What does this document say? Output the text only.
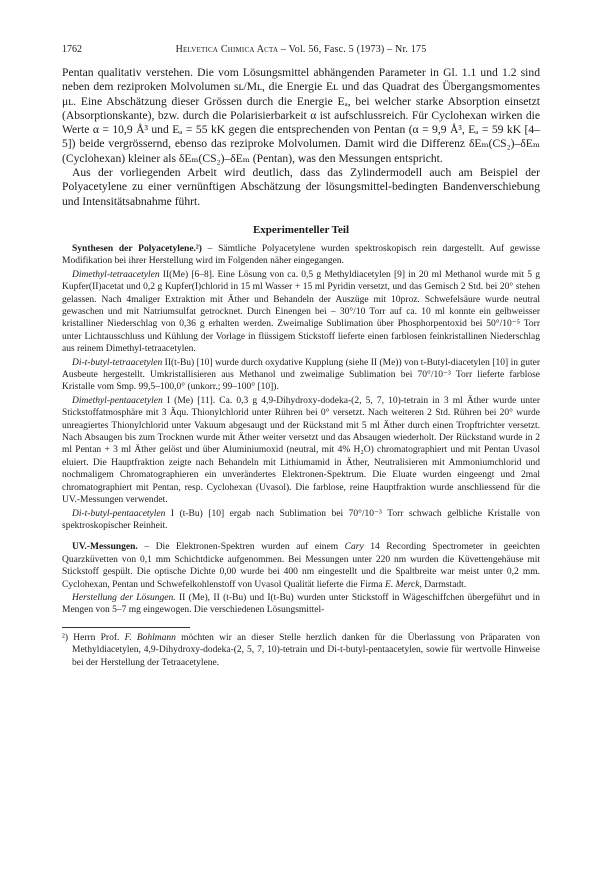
1762	Helvetica Chimica Acta – Vol. 56, Fasc. 5 (1973) – Nr. 175

Pentan qualitativ verstehen. Die vom Lösungsmittel abhängenden Parameter in Gl. 1.1 und 1.2 sind neben dem reziproken Molvolumen sʟ/Mʟ, die Energie Eʟ und das Quadrat des Übergangsmomentes μʟ. Eine Abschätzung dieser Grössen durch die Energie Eₐ, bei welcher starke Absorption einsetzt (Absorptionskante), bzw. durch die Polarisierbarkeit α ist aufschlussreich. Für Cyclohexan wirken die Werte α = 10,9 Å³ und Eₐ = 55 kK gegen die entsprechenden von Pentan (α = 9,9 Å³, Eₐ = 59 kK [4–5]) beide vergrössernd, ebenso das reziproke Molvolumen. Damit wird die Differenz δEₘ(CS₂)–δEₘ (Cyclohexan) kleiner als δEₘ(CS₂)–δEₘ (Pentan), was den Messungen entspricht.

Aus der vorliegenden Arbeit wird deutlich, dass das Zylindermodell auch am Beispiel der Polyacetylene zu einer vernünftigen Abschätzung der lösungsmittel-bedingten Bandenverschiebung und Intensitätsabnahme führt.

Experimenteller Teil

Synthesen der Polyacetylene.²) – Sämtliche Polyacetylene wurden spektroskopisch rein dargestellt. Auf gewisse Modifikation bei ihrer Herstellung wird im Folgenden näher eingegangen.

Dimethyl-tetraacetylen II(Me) [6–8]. Eine Lösung von ca. 0,5 g Methyldiacetylen [9] in 20 ml Methanol wurde mit 5 g Kupfer(II)acetat und 0,2 g Kupfer(I)chlorid in 15 ml Wasser + 15 ml Pyridin versetzt, und das Gemisch 2 Std. bei 20° stehen gelassen. Nach 4maliger Extraktion mit Äther und Behandeln der Auszüge mit 10proz. Schwefelsäure wurde neutral gewaschen und mit Natriumsulfat getrocknet. Durch Einengen bei – 30°/10 Torr auf ca. 10 ml konnte ein gelbweisser kristalliner Niederschlag von 0,36 g erhalten werden. Zweimalige Sublimation über Phosphorpentoxid bei 50°/10⁻⁵ Torr unter Lichtausschluss und Kühlung der Vorlage in flüssigem Stickstoff lieferte einen farblosen feinkristallinen Niederschlag aus reinem Dimethyl-tetraacetylen.

Di-t-butyl-tetraacetylen II(t-Bu) [10] wurde durch oxydative Kupplung (siehe II (Me)) von t-Butyl-diacetylen [10] in guter Ausbeute hergestellt. Umkristallisieren aus Methanol und zweimalige Sublimation bei 70°/10⁻³ Torr lieferte farblose Kristalle vom Smp. 99,5–100,0° (unkorr.; 99–100° [10]).

Dimethyl-pentaacetylen I (Me) [11]. Ca. 0,3 g 4,9-Dihydroxy-dodeka-(2, 5, 7, 10)-tetrain in 3 ml Äther wurde unter Stickstoffatmosphäre mit 3 Äqu. Thionylchlorid unter Rühren bei 0° versetzt. Nach weiteren 2 Std. Rühren bei 20° wurde unreagiertes Thionylchlorid unter Vakuum abgesaugt und der Rückstand mit 5 ml Äther durch einen Tropftrichter versetzt. Nach Absaugen bis zum Trocknen wurde mit Äther weiter versetzt und das Absaugen wiederholt. Der Rückstand wurde in 2 ml Pentan + 3 ml Äther gelöst und über Aluminiumoxid (neutral, mit 4% H₂O) chromatographiert und mit Pentan Uvasol eluiert. Die Hauptfraktion zeigte nach Behandeln mit Lithiumamid in Äther, Neutralisieren mit Ammoniumchlorid und nochmaligem Chromatographieren ein unverändertes Elektronen-Spektrum. Die Eluate wurden eingeengt und 2mal chromatographiert mit Pentan, resp. Cyclohexan (Uvasol). Die farblose, reine Hauptfraktion wurde anschliessend für die UV.-Messungen verwendet.

Di-t-butyl-pentaacetylen I (t-Bu) [10] ergab nach Sublimation bei 70°/10⁻³ Torr schwach gelbliche Kristalle von spektroskopischer Reinheit.

UV.-Messungen. – Die Elektronen-Spektren wurden auf einem Cary 14 Recording Spectrometer in geeichten Quarzküvetten von 0,1 mm Schichtdicke aufgenommen. Bei Messungen unter 220 nm wurden die Küvettengehäuse mit Stickstoff gespült. Die optische Dichte 0,00 wurde bei 400 nm eingestellt und die Spaltbreite war meist unter 0,2 mm. Cyclohexan, Pentan und Schwefelkohlenstoff von Uvasol Qualität lieferte die Firma E. Merck, Darmstadt.

Herstellung der Lösungen. II (Me), II (t-Bu) und I(t-Bu) wurden unter Stickstoff in Wägeschiffchen übergeführt und in Mengen von 5–7 mg eingewogen. Die verschiedenen Lösungsmittel-

²) Herrn Prof. F. Bohlmann möchten wir an dieser Stelle herzlich danken für die Überlassung von Präparaten von Methyldiacetylen, 4,9-Dihydroxy-dodeka-(2, 5, 7, 10)-tetrain und Di-t-butyl-pentaacetylen, sowie für wertvolle Hinweise bei der Herstellung der Tetraacetylene.
